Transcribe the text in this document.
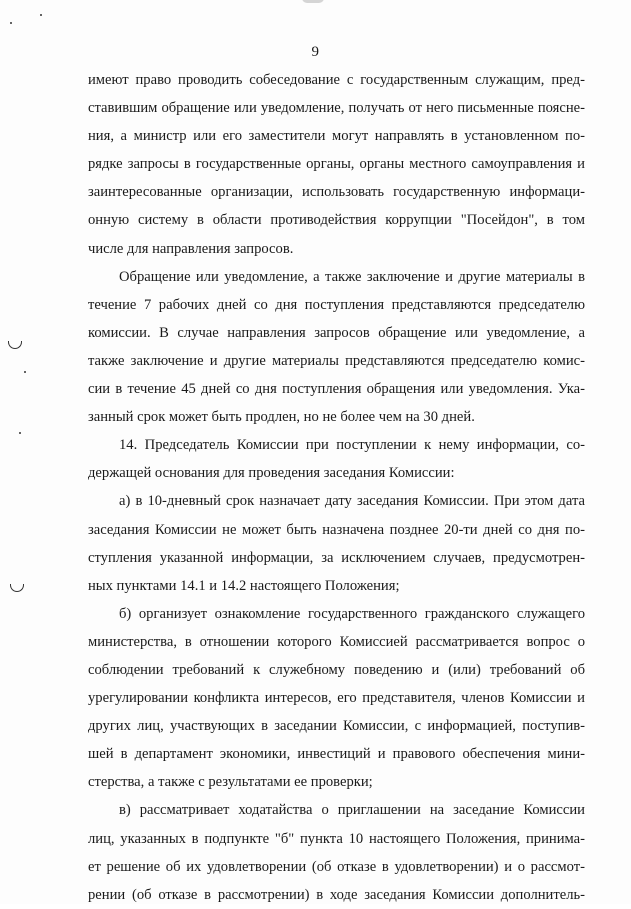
9
имеют право проводить собеседование с государственным служащим, пред-
ставившим обращение или уведомление, получать от него письменные поясне-
ния, а министр или его заместители могут направлять в установленном по-
рядке запросы в государственные органы, органы местного самоуправления и
заинтересованные организации, использовать государственную информаци-
онную систему в области противодействия коррупции "Посейдон", в том
числе для направления запросов.
Обращение или уведомление, а также заключение и другие материалы в
течение 7 рабочих дней со дня поступления представляются председателю
комиссии. В случае направления запросов обращение или уведомление, а
также заключение и другие материалы представляются председателю комис-
сии в течение 45 дней со дня поступления обращения или уведомления. Ука-
занный срок может быть продлен, но не более чем на 30 дней.
14. Председатель Комиссии при поступлении к нему информации, со-
держащей основания для проведения заседания Комиссии:
а) в 10-дневный срок назначает дату заседания Комиссии. При этом дата
заседания Комиссии не может быть назначена позднее 20-ти дней со дня по-
ступления указанной информации, за исключением случаев, предусмотрен-
ных пунктами 14.1 и 14.2 настоящего Положения;
б) организует ознакомление государственного гражданского служащего
министерства, в отношении которого Комиссией рассматривается вопрос о
соблюдении требований к служебному поведению и (или) требований об
урегулировании конфликта интересов, его представителя, членов Комиссии и
других лиц, участвующих в заседании Комиссии, с информацией, поступив-
шей в департамент экономики, инвестиций и правового обеспечения мини-
стерства, а также с результатами ее проверки;
в) рассматривает ходатайства о приглашении на заседание Комиссии
лиц, указанных в подпункте "б" пункта 10 настоящего Положения, принима-
ет решение об их удовлетворении (об отказе в удовлетворении) и о рассмот-
рении (об отказе в рассмотрении) в ходе заседания Комиссии дополнитель-
